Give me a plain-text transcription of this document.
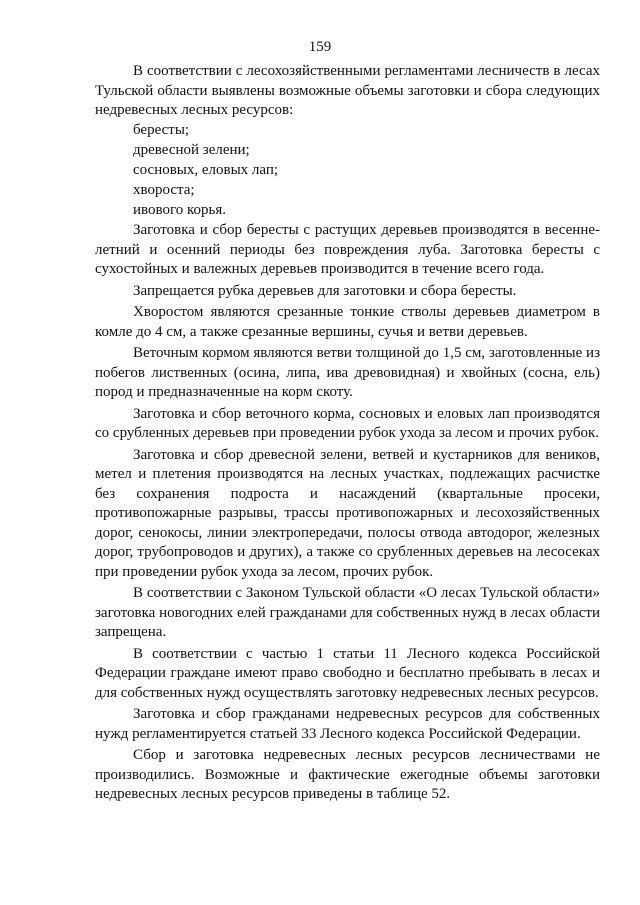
159

В соответствии с лесохозяйственными регламентами лесничеств в лесах Тульской области выявлены возможные объемы заготовки и сбора следующих недревесных лесных ресурсов:

бересты;

древесной зелени;

сосновых, еловых лап;

хвороста;

ивового корья.

Заготовка и сбор бересты с растущих деревьев производятся в весенне-летний и осенний периоды без повреждения луба. Заготовка бересты с сухостойных и валежных деревьев производится в течение всего года.

Запрещается рубка деревьев для заготовки и сбора бересты.

Хворостом являются срезанные тонкие стволы деревьев диаметром в комле до 4 см, а также срезанные вершины, сучья и ветви деревьев.

Веточным кормом являются ветви толщиной до 1,5 см, заготовленные из побегов лиственных (осина, липа, ива древовидная) и хвойных (сосна, ель) пород и предназначенные на корм скоту.

Заготовка и сбор веточного корма, сосновых и еловых лап производятся со срубленных деревьев при проведении рубок ухода за лесом и прочих рубок.

Заготовка и сбор древесной зелени, ветвей и кустарников для веников, метел и плетения производятся на лесных участках, подлежащих расчистке без сохранения подроста и насаждений (квартальные просеки, противопожарные разрывы, трассы противопожарных и лесохозяйственных дорог, сенокосы, линии электропередачи, полосы отвода автодорог, железных дорог, трубопроводов и других), а также со срубленных деревьев на лесосеках при проведении рубок ухода за лесом, прочих рубок.

В соответствии с Законом Тульской области «О лесах Тульской области» заготовка новогодних елей гражданами для собственных нужд в лесах области запрещена.

В соответствии с частью 1 статьи 11 Лесного кодекса Российской Федерации граждане имеют право свободно и бесплатно пребывать в лесах и для собственных нужд осуществлять заготовку недревесных лесных ресурсов.

Заготовка и сбор гражданами недревесных ресурсов для собственных нужд регламентируется статьей 33 Лесного кодекса Российской Федерации.

Сбор и заготовка недревесных лесных ресурсов лесничествами не производились. Возможные и фактические ежегодные объемы заготовки недревесных лесных ресурсов приведены в таблице 52.
